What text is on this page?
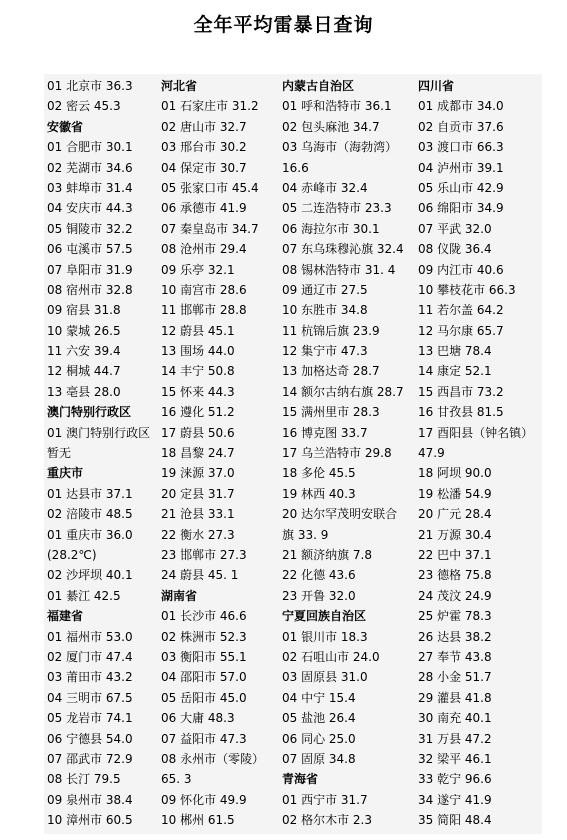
全年平均雷暴日查询
01 北京市 36.3
02 密云 45.3
安徽省
01 合肥市 30.1
02 芜湖市 34.6
03 蚌埠市 31.4
04 安庆市 44.3
05 铜陵市 32.2
06 屯溪市 57.5
07 阜阳市 31.9
08 宿州市 32.8
09 宿县 31.8
10 蒙城 26.5
11 六安 39.4
12 桐城 44.7
13 亳县 28.0
澳门特别行政区
01 澳门特别行政区
暂无
重庆市
01 达县市 37.1
02 涪陵市 48.5
01 重庆市 36.0
(28.2℃)
02 沙坪坝 40.1
01 綦江 42.5
福建省
01 福州市 53.0
02 厦门市 47.4
03 莆田市 43.2
04 三明市 67.5
05 龙岩市 74.1
06 宁德县 54.0
07 邵武市 72.9
08 长汀 79.5
09 泉州市 38.4
10 漳州市 60.5
河北省
01 石家庄市 31.2
02 唐山市 32.7
03 邢台市 30.2
04 保定市 30.7
05 张家口市 45.4
06 承德市 41.9
07 秦皇岛市 34.7
08 沧州市 29.4
09 乐亭 32.1
10 南宫市 28.6
11 邯郸市 28.8
12 蔚县 45.1
13 围场 44.0
14 丰宁 50.8
15 怀来 44.3
16 遵化 51.2
17 蔚县 50.6
18 昌黎 24.7
19 涞源 37.0
20 定县 31.7
21 沧县 33.1
22 衡水 27.3
23 邯郸市 27.3
24 蔚县 45. 1
湖南省
01 长沙市 46.6
02 株洲市 52.3
03 衡阳市 55.1
04 邵阳市 57.0
05 岳阳市 45.0
06 大庸 48.3
07 益阳市 47.3
08 永州市（零陵）
65. 3
09 怀化市 49.9
10 郴州 61.5
内蒙古自治区
01 呼和浩特市 36.1
02 包头麻池 34.7
03 乌海市（海勃湾）
16.6
04 赤峰市 32.4
05 二连浩特市 23.3
06 海拉尔市 30.1
07 东乌珠穆沁旗 32.4
08 锡林浩特市 31. 4
09 通辽市 27.5
10 东胜市 34.8
11 杭锦后旗 23.9
12 集宁市 47.3
13 加格达奇 28.7
14 额尔古纳右旗 28.7
15 满州里市 28.3
16 博克图 33.7
17 乌兰浩特市 29.8
18 多伦 45.5
19 林西 40.3
20 达尔罕茂明安联合
旗 33. 9
21 额济纳旗 7.8
22 化德 43.6
23 开鲁 32.0
宁夏回族自治区
01 银川市 18.3
02 石咀山市 24.0
03 固原县 31.0
04 中宁 15.4
05 盐池 26.4
06 同心 25.0
07 固原 34.8
青海省
01 西宁市 31.7
02 格尔木市 2.3
四川省
01 成都市 34.0
02 自贡市 37.6
03 渡口市 66.3
04 泸州市 39.1
05 乐山市 42.9
06 绵阳市 34.9
07 平武 32.0
08 仪陇 36.4
09 内江市 40.6
10 攀枝花市 66.3
11 若尔盖 64.2
12 马尔康 65.7
13 巴塘 78.4
14 康定 52.1
15 西昌市 73.2
16 甘孜县 81.5
17 酉阳县（钟名镇）
47.9
18 阿坝 90.0
19 松潘 54.9
20 广元 28.4
21 万源 30.4
22 巴中 37.1
23 德格 75.8
24 茂汶 24.9
25 炉霍 78.3
26 达县 38.2
27 奉节 43.8
28 小金 51.7
29 灌县 41.8
30 南充 40.1
31 万县 47.2
32 梁平 46.1
33 乾宁 96.6
34 遂宁 41.9
35 简阳 48.4
